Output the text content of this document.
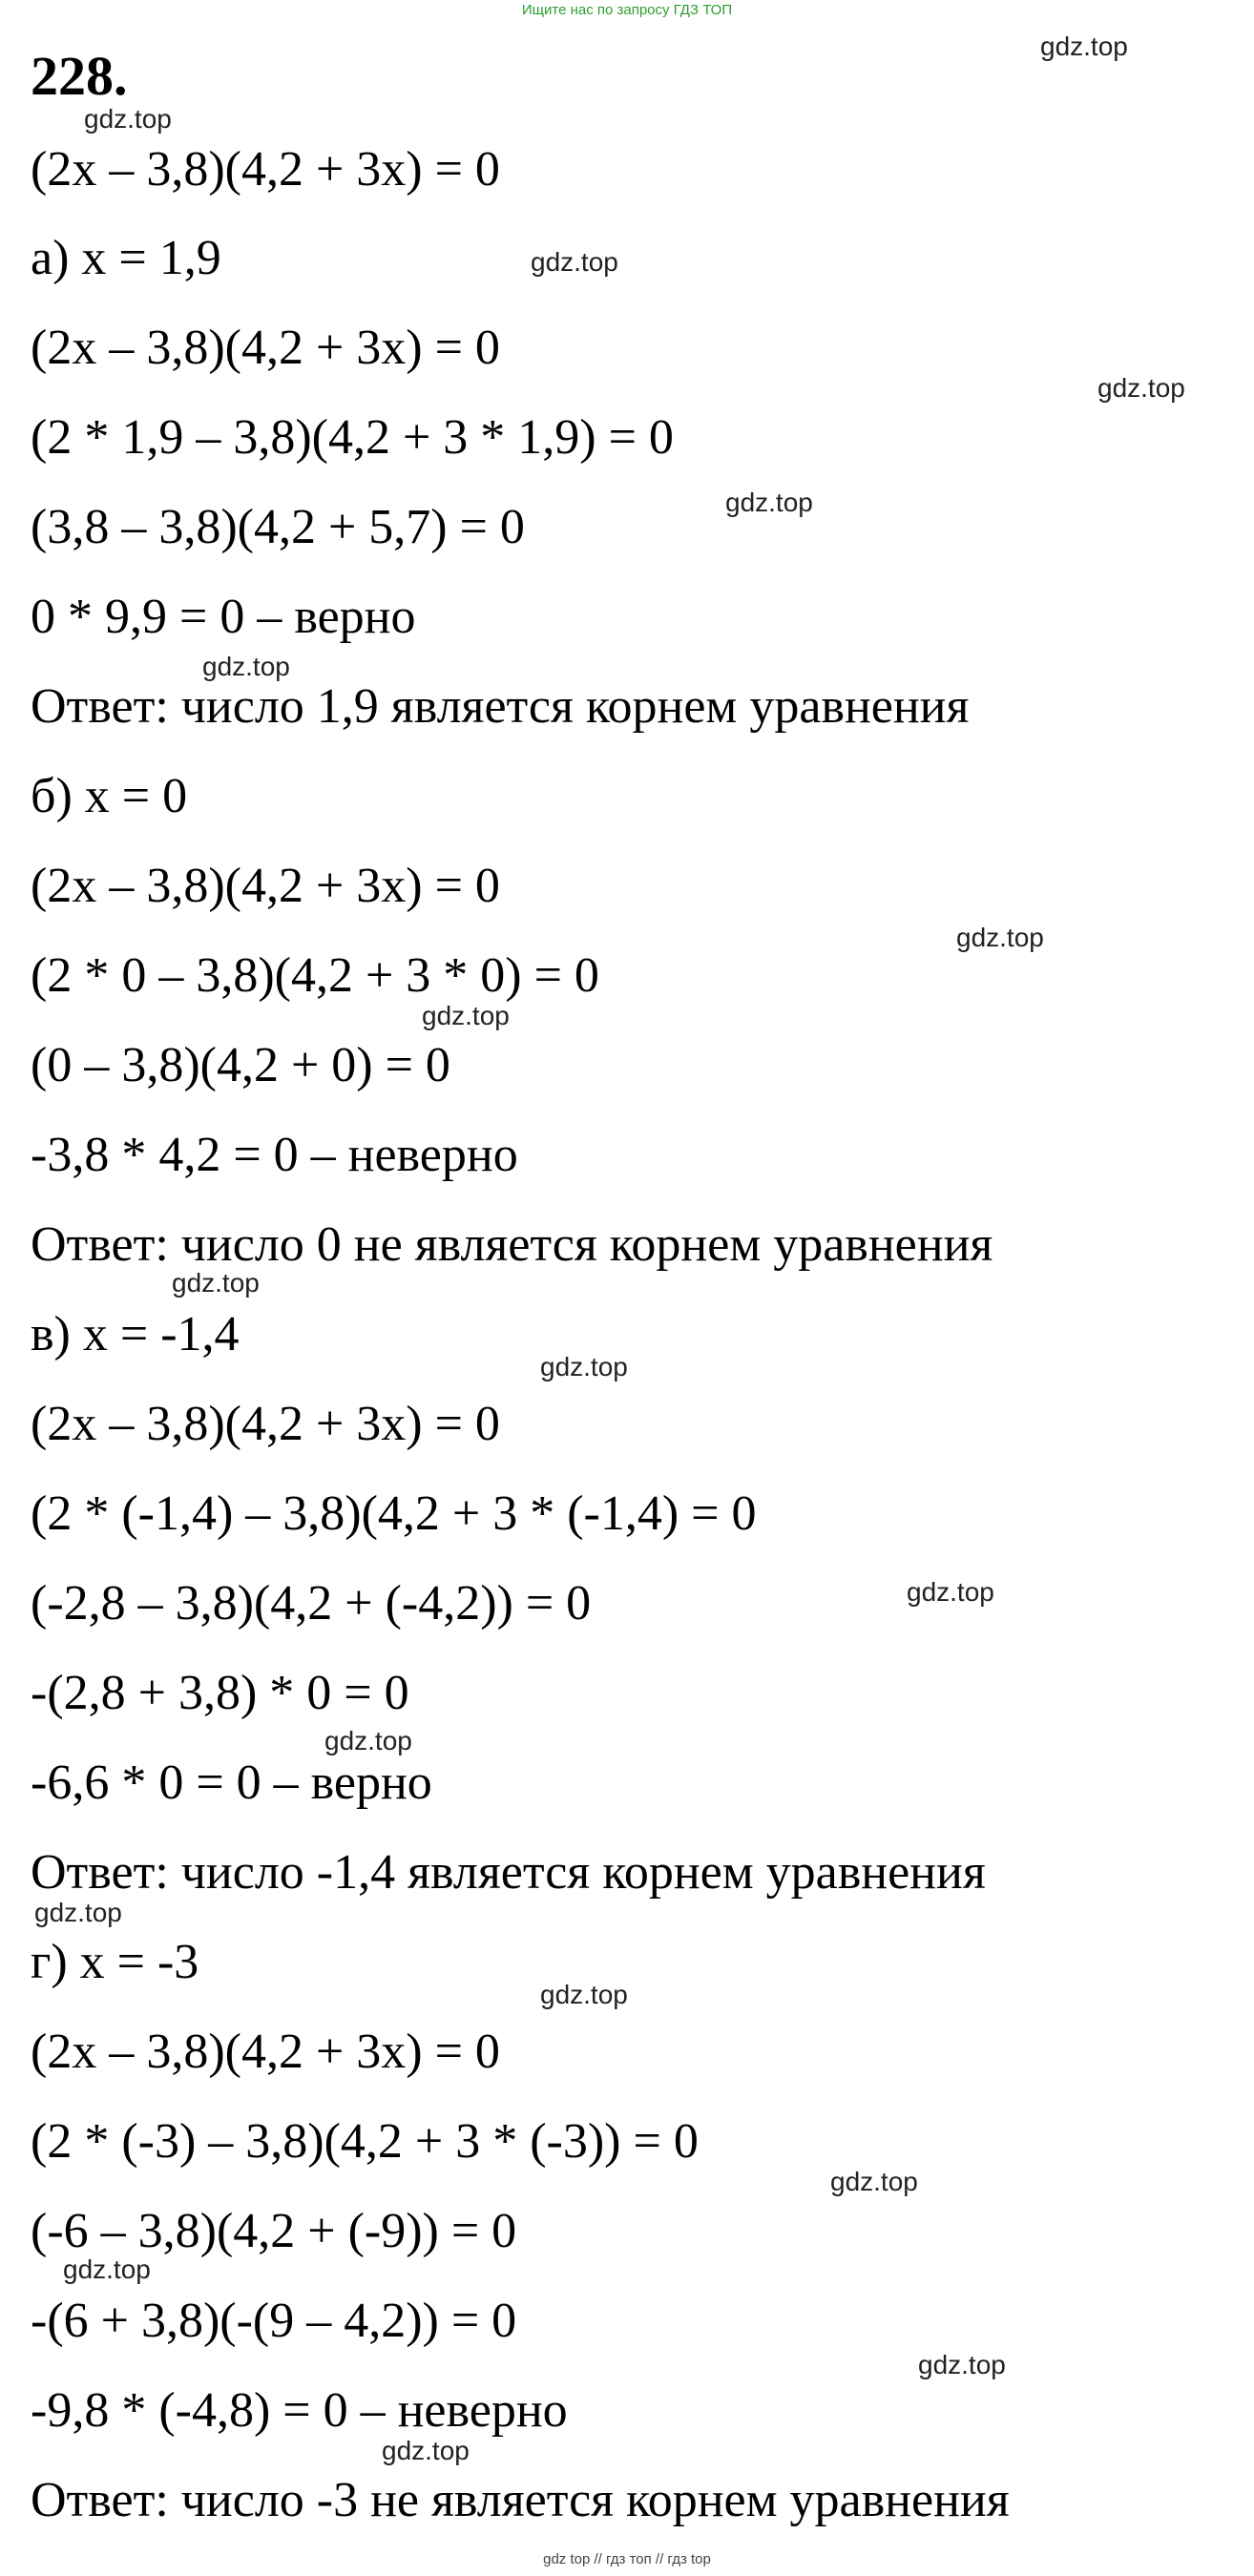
Ищите нас по запросу ГДЗ ТОП
228.
(2x – 3,8)(4,2 + 3x) = 0
а) x = 1,9
(2x – 3,8)(4,2 + 3x) = 0
(2 * 1,9 – 3,8)(4,2 + 3 * 1,9) = 0
(3,8 – 3,8)(4,2 + 5,7) = 0
0 * 9,9 = 0 – верно
Ответ: число 1,9 является корнем уравнения
б) x = 0
(2x – 3,8)(4,2 + 3x) = 0
(2 * 0 – 3,8)(4,2 + 3 * 0) = 0
(0 – 3,8)(4,2 + 0) = 0
-3,8 * 4,2 = 0 – неверно
Ответ: число 0 не является корнем уравнения
в) x = -1,4
(2x – 3,8)(4,2 + 3x) = 0
(2 * (-1,4) – 3,8)(4,2 + 3 * (-1,4) = 0
(-2,8 – 3,8)(4,2 + (-4,2)) = 0
-(2,8 + 3,8) * 0 = 0
-6,6 * 0 = 0 – верно
Ответ: число -1,4 является корнем уравнения
г) x = -3
(2x – 3,8)(4,2 + 3x) = 0
(2 * (-3) – 3,8)(4,2 + 3 * (-3)) = 0
(-6 – 3,8)(4,2 + (-9)) = 0
-(6 + 3,8)(-(9 – 4,2)) = 0
-9,8 * (-4,8) = 0 – неверно
Ответ: число -3 не является корнем уравнения
gdz.top
gdz.top
gdz.top
gdz.top
gdz.top
gdz.top
gdz.top
gdz.top
gdz.top
gdz.top
gdz.top
gdz.top
gdz.top
gdz.top
gdz.top
gdz.top
gdz.top
gdz.top
gdz top // гдз топ // гдз top
